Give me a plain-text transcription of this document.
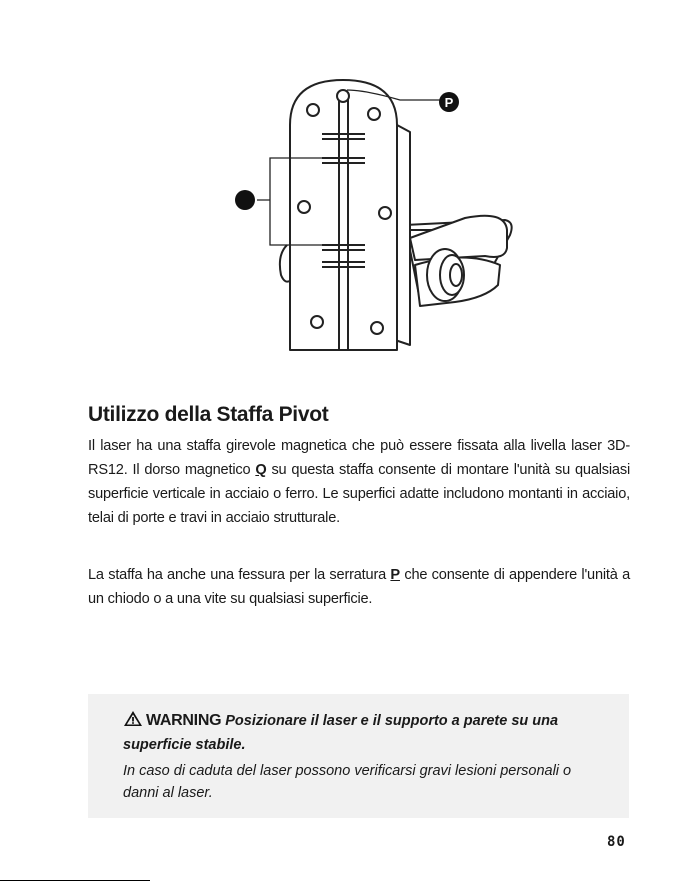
P
Utilizzo della Staffa Pivot

Il laser ha una staffa girevole magnetica che può essere fissata alla livella laser 3D-RS12. Il dorso magnetico Q su questa staffa consente di montare l'unità su qualsiasi superficie verticale in acciaio o ferro. Le superfici adatte includono montanti in acciaio, telai di porte e travi in acciaio strutturale.

La staffa ha anche una fessura per la serratura P che consente di appendere l'unità a un chiodo o a una vite su qualsiasi superficie.

WARNING Posizionare il laser e il supporto a parete su una superficie stabile.

In caso di caduta del laser possono verificarsi gravi lesioni personali o danni al laser.

80
